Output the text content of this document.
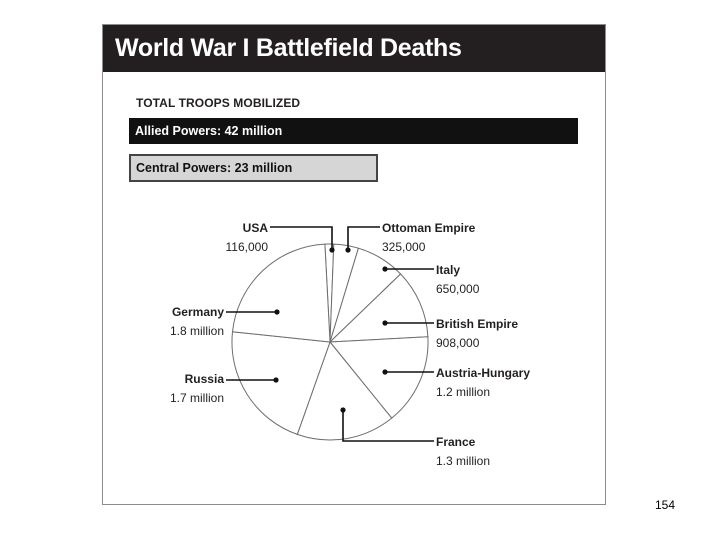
World War I Battlefield Deaths
TOTAL TROOPS MOBILIZED
Allied Powers: 42 million
Central Powers: 23 million
USA
116,000
Ottoman Empire
325,000
Italy
650,000
British Empire
908,000
Austria-Hungary
1.2 million
France
1.3 million
Russia
1.7 million
Germany
1.8 million
154
